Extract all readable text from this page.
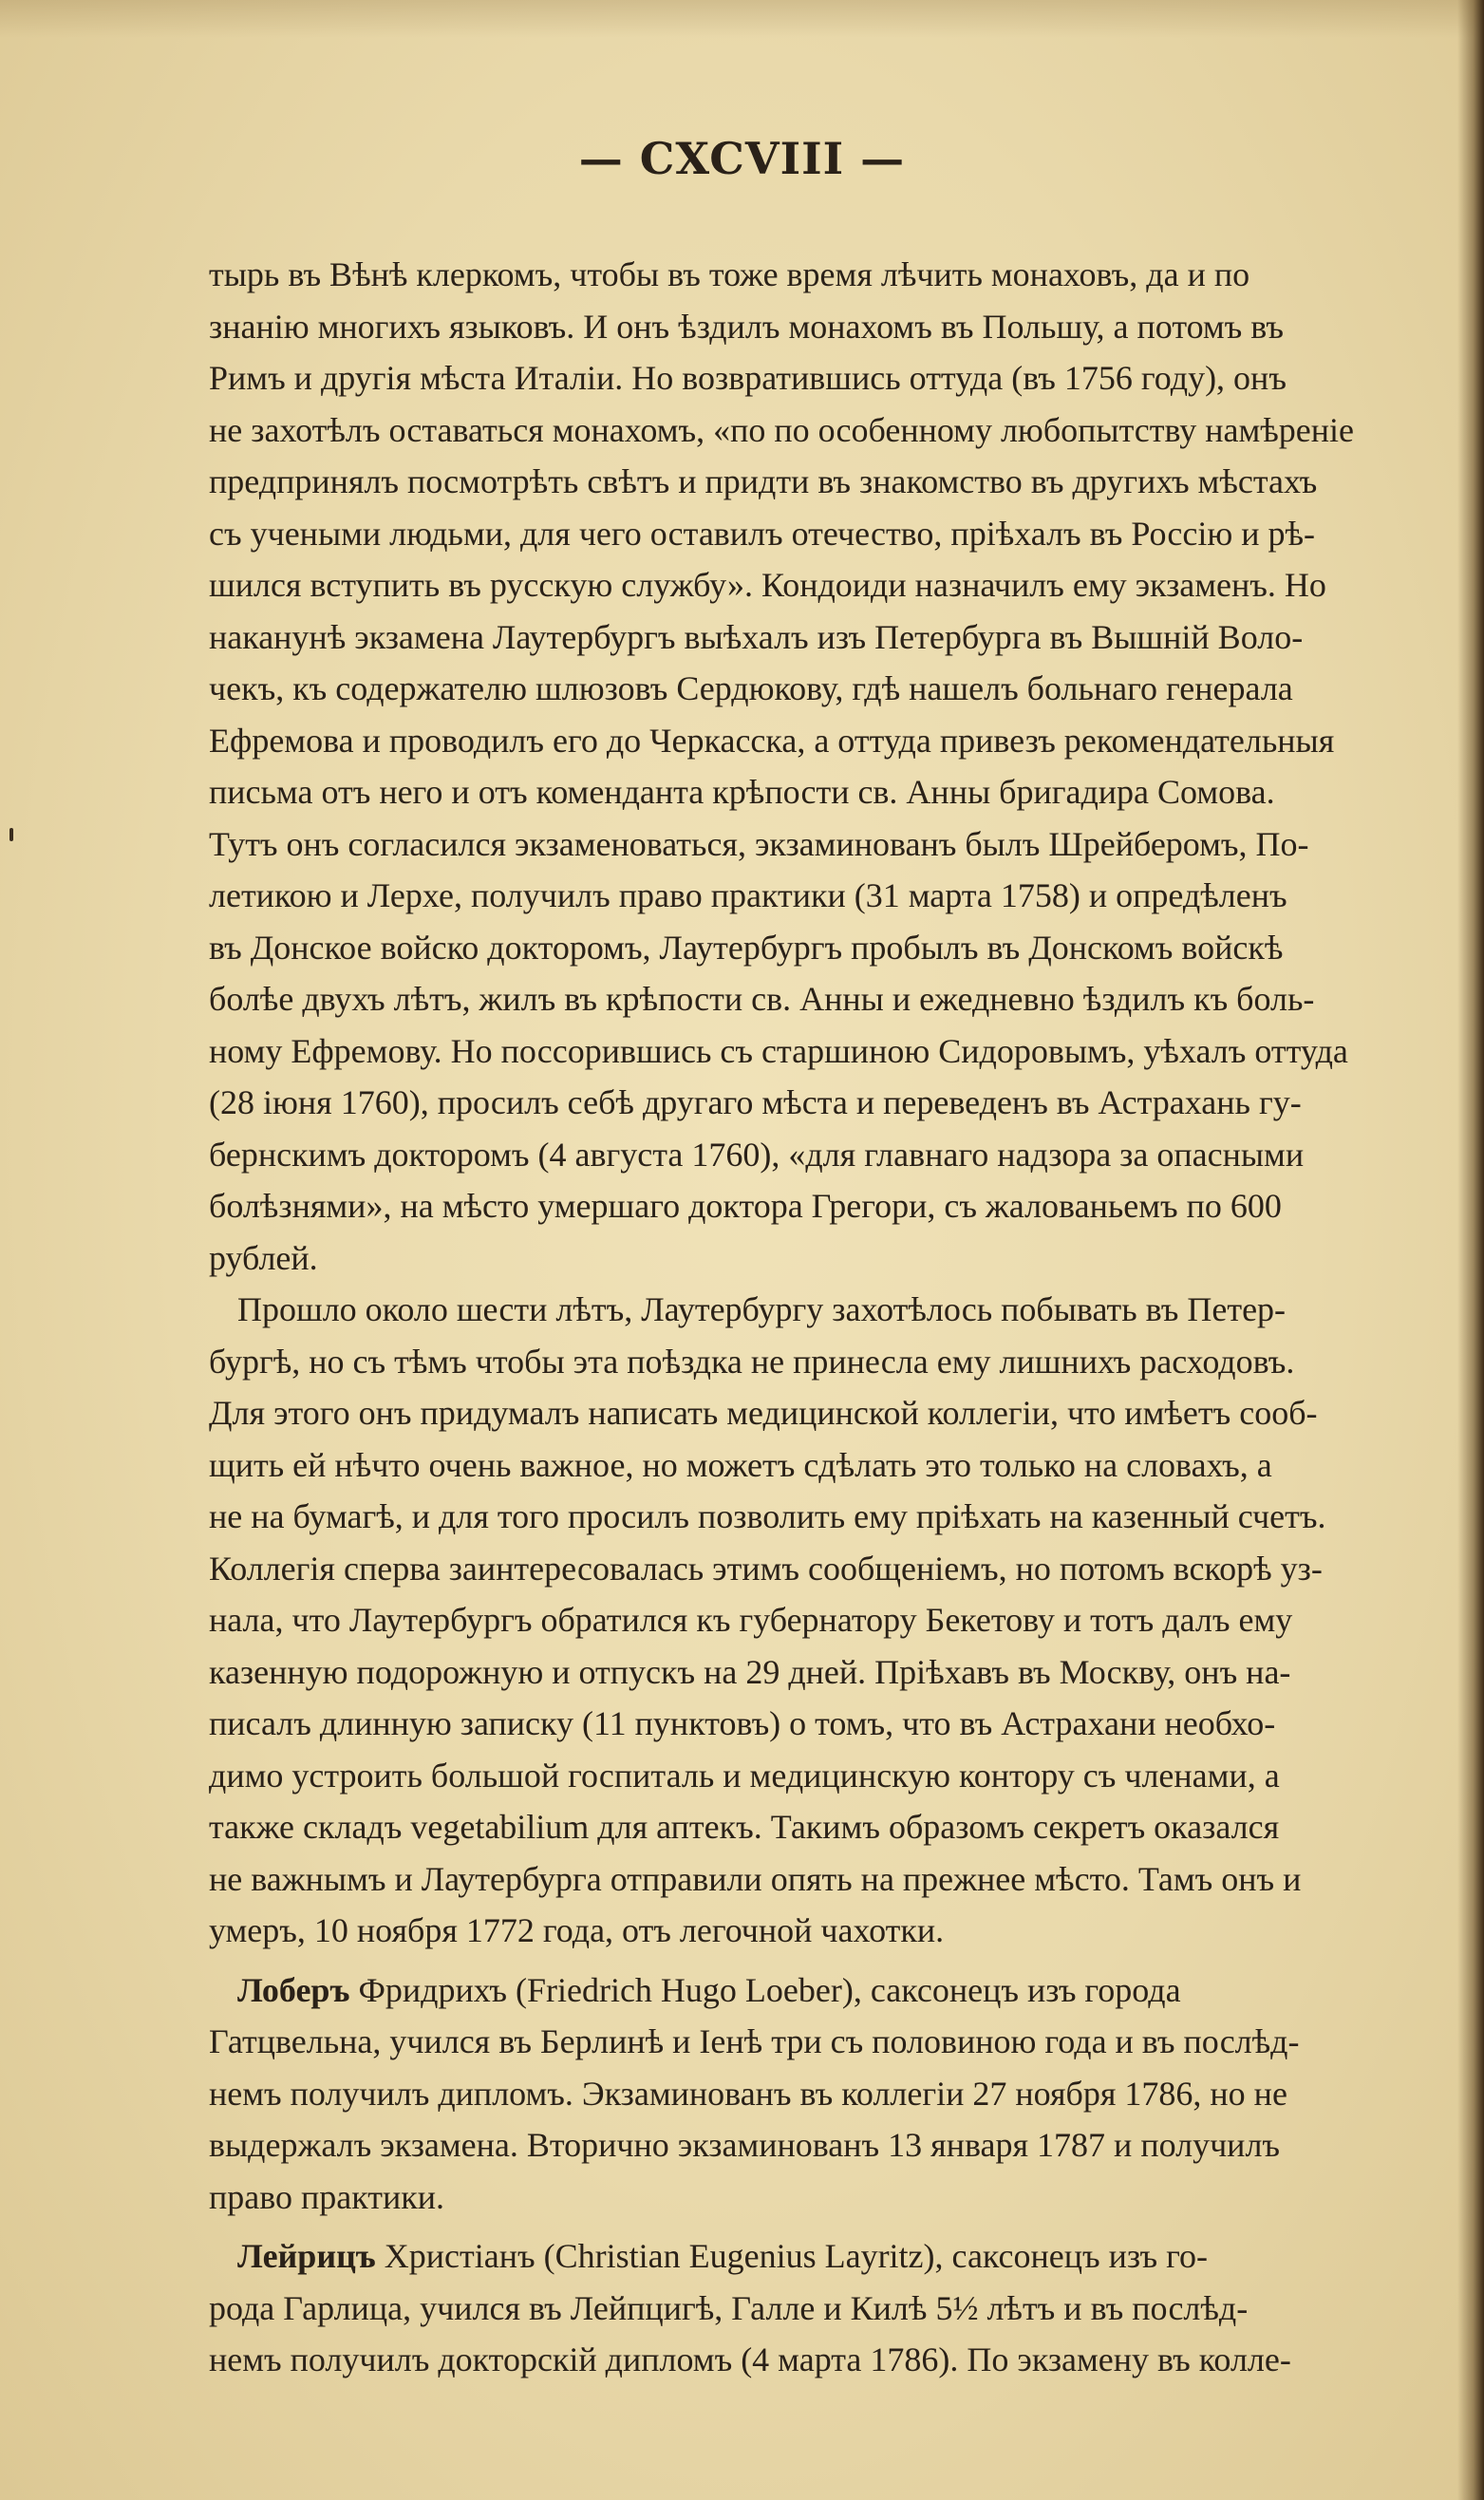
— CXCVIII —

тырь въ Вѣнѣ клеркомъ, чтобы въ тоже время лѣчить монаховъ, да и по
знанію многихъ языковъ. И онъ ѣздилъ монахомъ въ Польшу, а потомъ въ
Римъ и другія мѣста Италіи. Но возвратившись оттуда (въ 1756 году), онъ
не захотѣлъ оставаться монахомъ, «по по особенному любопытству намѣреніе
предпринялъ посмотрѣть свѣтъ и придти въ знакомство въ другихъ мѣстахъ
съ учеными людьми, для чего оставилъ отечество, пріѣхалъ въ Россію и рѣ-
шился вступить въ русскую службу». Кондоиди назначилъ ему экзаменъ. Но
наканунѣ экзамена Лаутербургъ выѣхалъ изъ Петербурга въ Вышній Воло-
чекъ, къ содержателю шлюзовъ Сердюкову, гдѣ нашелъ больнаго генерала
Ефремова и проводилъ его до Черкасска, а оттуда привезъ рекомендательныя
письма отъ него и отъ коменданта крѣпости св. Анны бригадира Сомова.
Тутъ онъ согласился экзаменоваться, экзаминованъ былъ Шрейберомъ, По-
летикою и Лерхе, получилъ право практики (31 марта 1758) и опредѣленъ
въ Донское войско докторомъ, Лаутербургъ пробылъ въ Донскомъ войскѣ
болѣе двухъ лѣтъ, жилъ въ крѣпости св. Анны и ежедневно ѣздилъ къ боль-
ному Ефремову. Но поссорившись съ старшиною Сидоровымъ, уѣхалъ оттуда
(28 іюня 1760), просилъ себѣ другаго мѣста и переведенъ въ Астрахань гу-
бернскимъ докторомъ (4 августа 1760), «для главнаго надзора за опасными
болѣзнями», на мѣсто умершаго доктора Грегори, съ жалованьемъ по 600
рублей.

Прошло около шести лѣтъ, Лаутербургу захотѣлось побывать въ Петер-
бургѣ, но съ тѣмъ чтобы эта поѣздка не принесла ему лишнихъ расходовъ.
Для этого онъ придумалъ написать медицинской коллегіи, что имѣетъ сооб-
щить ей нѣчто очень важное, но можетъ сдѣлать это только на словахъ, а
не на бумагѣ, и для того просилъ позволить ему пріѣхать на казенный счетъ.
Коллегія сперва заинтересовалась этимъ сообщеніемъ, но потомъ вскорѣ уз-
нала, что Лаутербургъ обратился къ губернатору Бекетову и тотъ далъ ему
казенную подорожную и отпускъ на 29 дней. Пріѣхавъ въ Москву, онъ на-
писалъ длинную записку (11 пунктовъ) о томъ, что въ Астрахани необхо-
димо устроить большой госпиталь и медицинскую контору съ членами, а
также складъ vegetabilium для аптекъ. Такимъ образомъ секретъ оказался
не важнымъ и Лаутербурга отправили опять на прежнее мѣсто. Тамъ онъ и
умеръ, 10 ноября 1772 года, отъ легочной чахотки.

Лоберъ Фридрихъ (Friedrich Hugo Loeber), саксонецъ изъ города
Гатцвельна, учился въ Берлинѣ и Іенѣ три съ половиною года и въ послѣд-
немъ получилъ дипломъ. Экзаминованъ въ коллегіи 27 ноября 1786, но не
выдержалъ экзамена. Вторично экзаминованъ 13 января 1787 и получилъ
право практики.

Лейрицъ Христіанъ (Christian Eugenius Layritz), саксонецъ изъ го-
рода Гарлица, учился въ Лейпцигѣ, Галле и Килѣ 5½ лѣтъ и въ послѣд-
немъ получилъ докторскій дипломъ (4 марта 1786). По экзамену въ колле-
